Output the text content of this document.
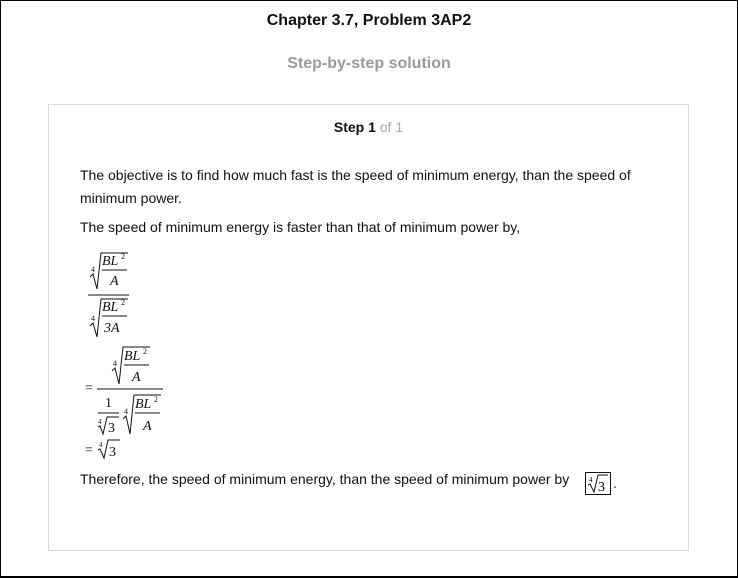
Chapter 3.7, Problem 3AP2
Step-by-step solution
Step 1 of 1
The objective is to find how much fast is the speed of minimum energy, than the speed of minimum power.
The speed of minimum energy is faster than that of minimum power by,
4
BL 2
A
4
BL 2
3A
=
4 BL 2
A
1
4 3
4 BL 2
A
= 4 3
Therefore, the speed of minimum energy, than the speed of minimum power by	4 3 .
